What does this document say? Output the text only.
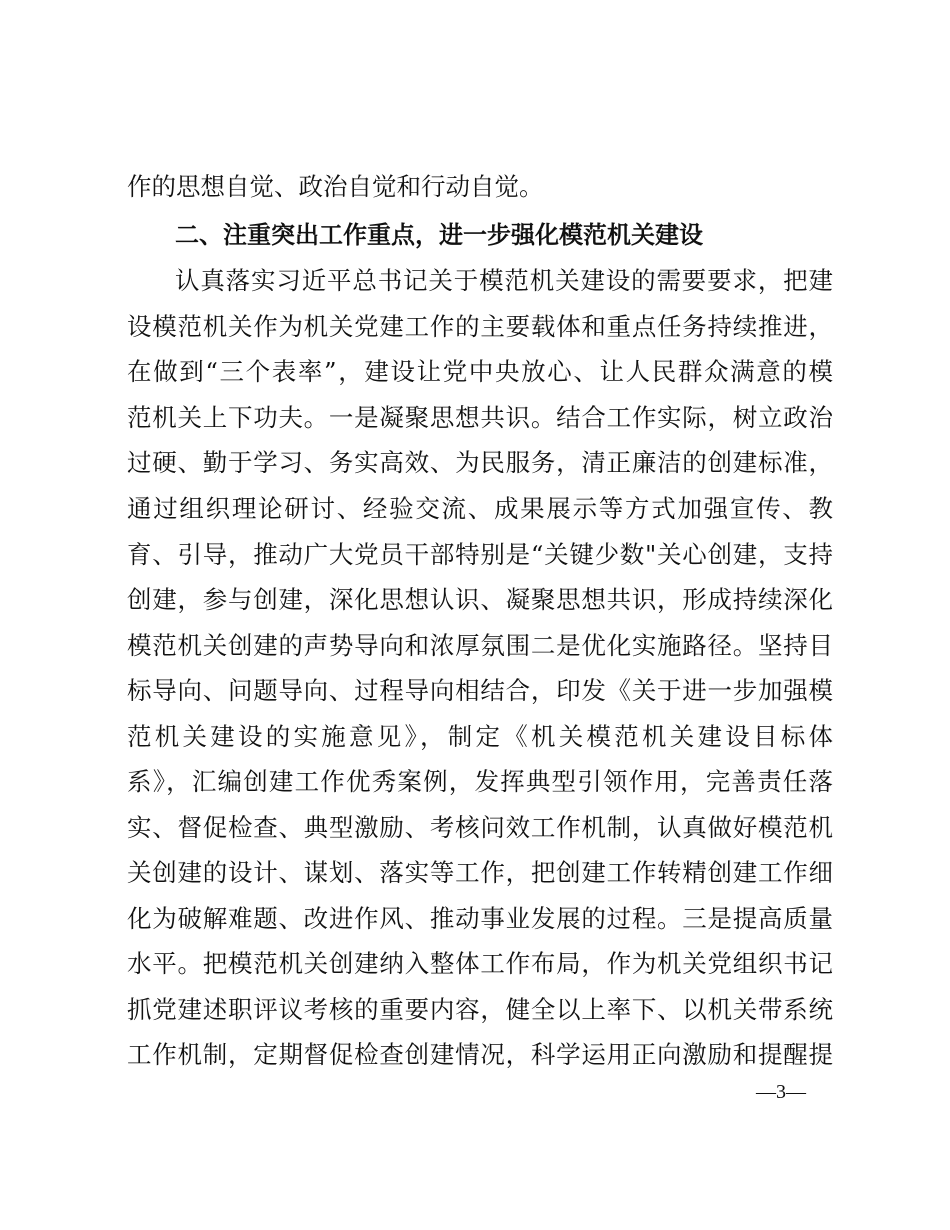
作的思想自觉、政治自觉和行动自觉。
二、注重突出工作重点，进一步强化模范机关建设
认真落实习近平总书记关于模范机关建设的需要要求，把建
设模范机关作为机关党建工作的主要载体和重点任务持续推进，
在做到“三个表率”，建设让党中央放心、让人民群众满意的模
范机关上下功夫。一是凝聚思想共识。结合工作实际，树立政治
过硬、勤于学习、务实高效、为民服务，清正廉洁的创建标准，
通过组织理论研讨、经验交流、成果展示等方式加强宣传、教
育、引导，推动广大党员干部特别是“关键少数"关心创建，支持
创建，参与创建，深化思想认识、凝聚思想共识，形成持续深化
模范机关创建的声势导向和浓厚氛围二是优化实施路径。坚持目
标导向、问题导向、过程导向相结合，印发《关于进一步加强模
范机关建设的实施意见》，制定《机关模范机关建设目标体
系》，汇编创建工作优秀案例，发挥典型引领作用，完善责任落
实、督促检查、典型激励、考核问效工作机制，认真做好模范机
关创建的设计、谋划、落实等工作，把创建工作转精创建工作细
化为破解难题、改进作风、推动事业发展的过程。三是提高质量
水平。把模范机关创建纳入整体工作布局，作为机关党组织书记
抓党建述职评议考核的重要内容，健全以上率下、以机关带系统
工作机制，定期督促检查创建情况，科学运用正向激励和提醒提
—3—
